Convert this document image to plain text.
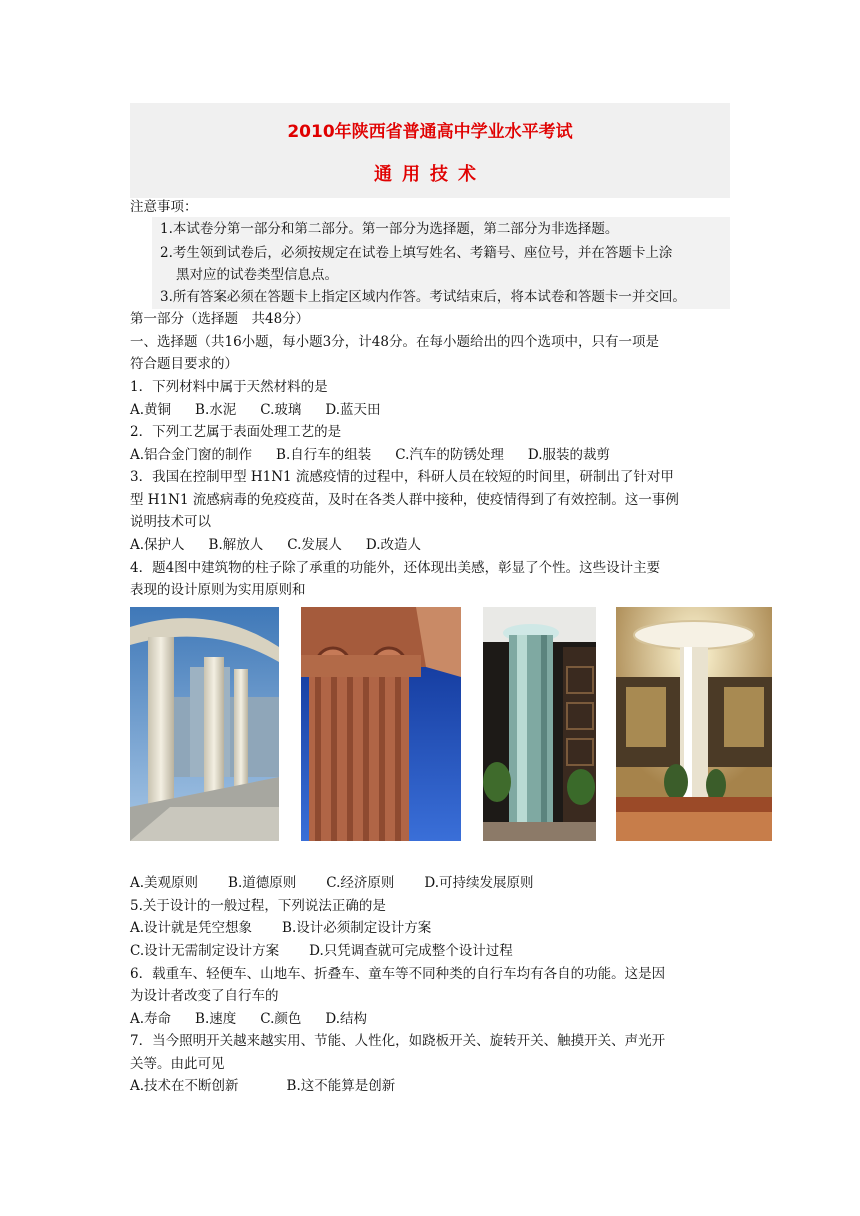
2010年陕西省普通高中学业水平考试
通用技术
注意事项：
1.本试卷分第一部分和第二部分。第一部分为选择题，第二部分为非选择题。
2.考生领到试卷后，必须按规定在试卷上填写姓名、考籍号、座位号，并在答题卡上涂
黑对应的试卷类型信息点。
3.所有答案必须在答题卡上指定区域内作答。考试结束后，将本试卷和答题卡一并交回。
第一部分（选择题　共48分）
一、选择题（共16小题，每小题3分，计48分。在每小题给出的四个选项中，只有一项是
符合题目要求的）
1．下列材料中属于天然材料的是
A.黄铜 B.水泥 C.玻璃 D.蓝天田
2．下列工艺属于表面处理工艺的是
A.铝合金门窗的制作 B.自行车的组装 C.汽车的防锈处理 D.服装的裁剪
3．我国在控制甲型 H1N1 流感疫情的过程中，科研人员在较短的时间里，研制出了针对甲
型 H1N1 流感病毒的免疫疫苗，及时在各类人群中接种，使疫情得到了有效控制。这一事例
说明技术可以
A.保护人 B.解放人 C.发展人 D.改造人
4．题4图中建筑物的柱子除了承重的功能外，还体现出美感，彰显了个性。这些设计主要
表现的设计原则为实用原则和
A.美观原则 B.道德原则 C.经济原则 D.可持续发展原则
5.关于设计的一般过程，下列说法正确的是
A.设计就是凭空想象 B.设计必须制定设计方案
C.设计无需制定设计方案 D.只凭调查就可完成整个设计过程
6．载重车、轻便车、山地车、折叠车、童车等不同种类的自行车均有各自的功能。这是因
为设计者改变了自行车的
A.寿命 B.速度 C.颜色 D.结构
7．当今照明开关越来越实用、节能、人性化，如跷板开关、旋转开关、触摸开关、声光开
关等。由此可见
A.技术在不断创新	B.这不能算是创新
